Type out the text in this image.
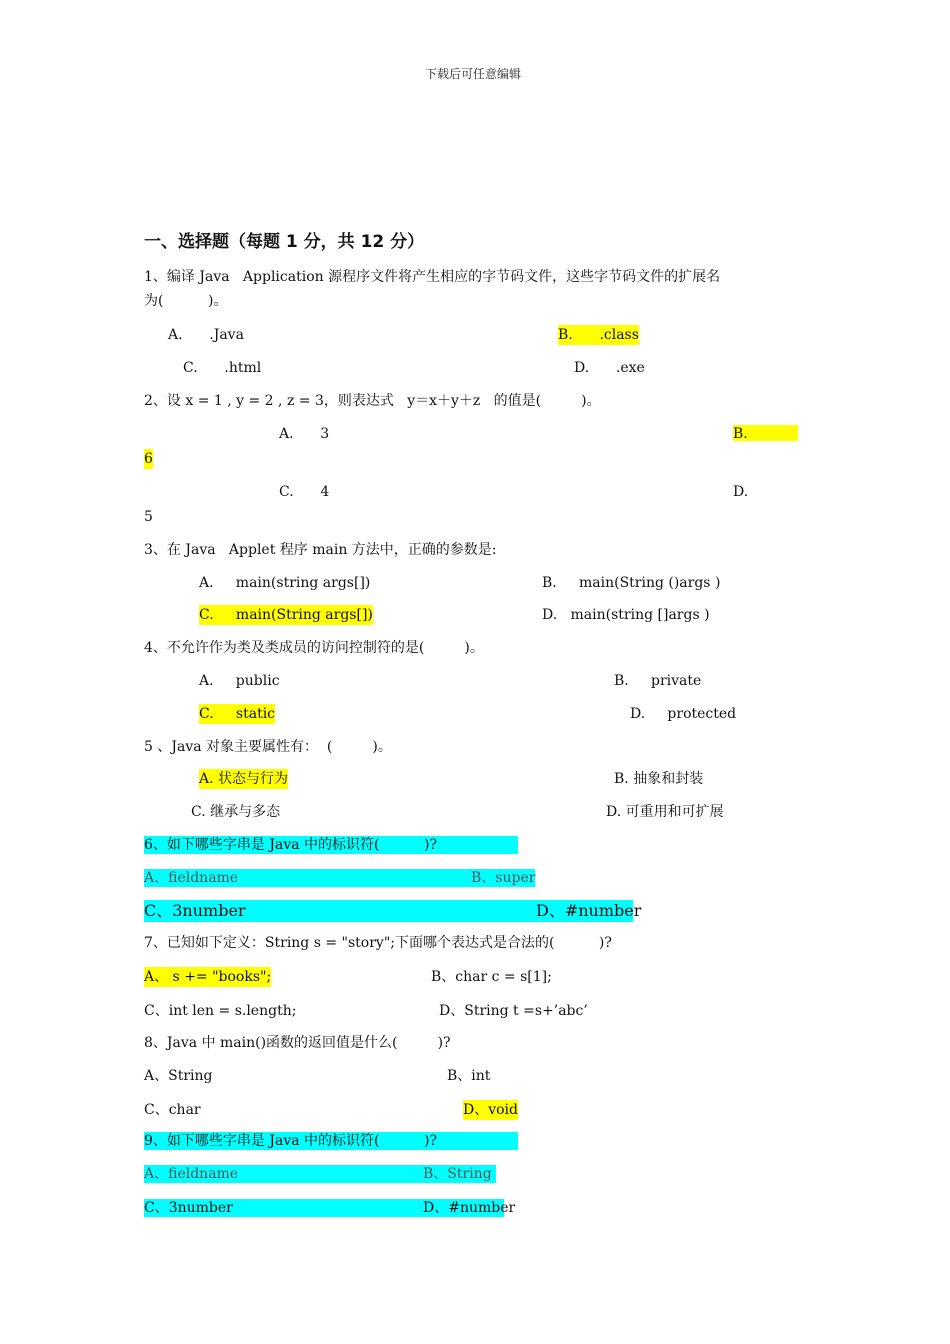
下载后可任意编辑
一、选择题（每题 1 分，共 12 分）
1、编译 Java   Application 源程序文件将产生相应的字节码文件，这些字节码文件的扩展名
为(          )。
A.      .Java	B.      .class
C.      .html	D.      .exe
2、设 x = 1 , y = 2 , z = 3，则表达式   y＝x＋y＋z   的值是(         )。
A.      3	B.
6
C.      4	D.
5
3、在 Java   Applet 程序 main 方法中，正确的参数是:
A.     main(string args[])	B.     main(String ()args )
C.     main(String args[])	D.   main(string []args )
4、不允许作为类及类成员的访问控制符的是(         )。
A.     public	B.     private
C.     static	D.     protected
5 、Java 对象主要属性有：  (         )。
A. 状态与行为	B. 抽象和封装
C. 继承与多态	D. 可重用和可扩展
6、如下哪些字串是 Java 中的标识符(          )?
A、fieldname	B、super
C、3number	D、#number
7、已知如下定义：String s = "story";下面哪个表达式是合法的(          )?
A、 s += "books";	B、char c = s[1];
C、int len = s.length;	D、String t =s+’abc’
8、Java 中 main()函数的返回值是什么(         )?
A、String	B、int
C、char	D、void
9、如下哪些字串是 Java 中的标识符(          )?
A、fieldname	B、String
C、3number	D、#number
